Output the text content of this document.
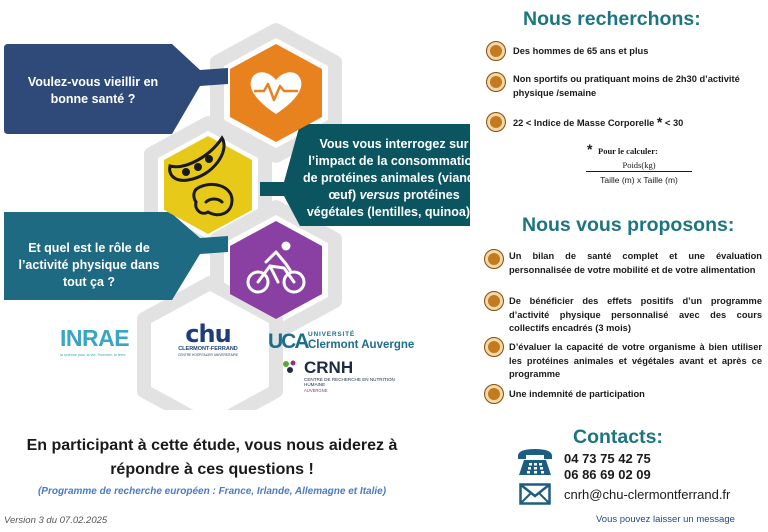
Voulez-vous vieillir en bonne santé ?
Vous vous interrogez sur l’impact de la consommation de protéines animales (viande, œuf) versus protéines végétales (lentilles, quinoa) ?
Et quel est le rôle de l’activité physique dans tout ça ?
INRAE
la science pour la vie, l’humain, la terre
chu
CLERMONT-FERRAND
CENTRE HOSPITALIER UNIVERSITAIRE
UCA UNIVERSITÉ
Clermont Auvergne
CRNH
CENTRE DE RECHERCHE EN NUTRITION HUMAINE
AUVERGNE
En participant à cette étude, vous nous aiderez à répondre à ces questions !
(Programme de recherche européen : France, Irlande, Allemagne et Italie)
Version 3 du 07.02.2025
Nous recherchons:
Des hommes de 65 ans et plus
Non sportifs ou pratiquant moins de 2h30 d’activité physique /semaine
22 < Indice de Masse Corporelle * < 30
* Pour le calculer:
Poids(kg)
Taille (m) x Taille (m)
Nous vous proposons:
Un bilan de santé complet et une évaluation personnalisée de votre mobilité et de votre alimentation
De bénéficier des effets positifs d’un programme d’activité physique personnalisé avec des cours collectifs encadrés (3 mois)
D’évaluer la capacité de votre organisme à bien utiliser les protéines animales et végétales avant et après ce programme
Une indemnité de participation
Contacts:
04 73 75 42 75
06 86 69 02 09
cnrh@chu-clermontferrand.fr
Vous pouvez laisser un message
